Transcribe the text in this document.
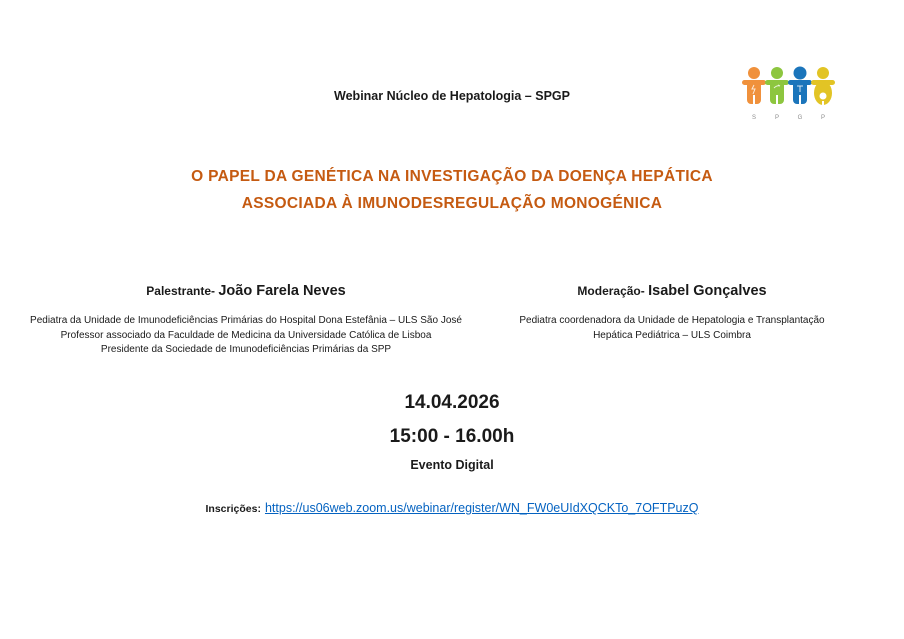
Webinar Núcleo de Hepatologia – SPGP
S	P	G	P
O PAPEL DA GENÉTICA NA INVESTIGAÇÃO DA DOENÇA HEPÁTICA
ASSOCIADA À IMUNODESREGULAÇÃO MONOGÉNICA
Palestrante- João Farela Neves
Pediatra da Unidade de Imunodeficiências Primárias do Hospital Dona Estefânia – ULS São José
Professor associado da Faculdade de Medicina da Universidade Católica de Lisboa
Presidente da Sociedade de Imunodeficiências Primárias da SPP
Moderação- Isabel Gonçalves
Pediatra coordenadora da Unidade de Hepatologia e Transplantação
Hepática Pediátrica – ULS Coimbra
14.04.2026
15:00 - 16.00h
Evento Digital
Inscrições: https://us06web.zoom.us/webinar/register/WN_FW0eUIdXQCKTo_7OFTPuzQ
